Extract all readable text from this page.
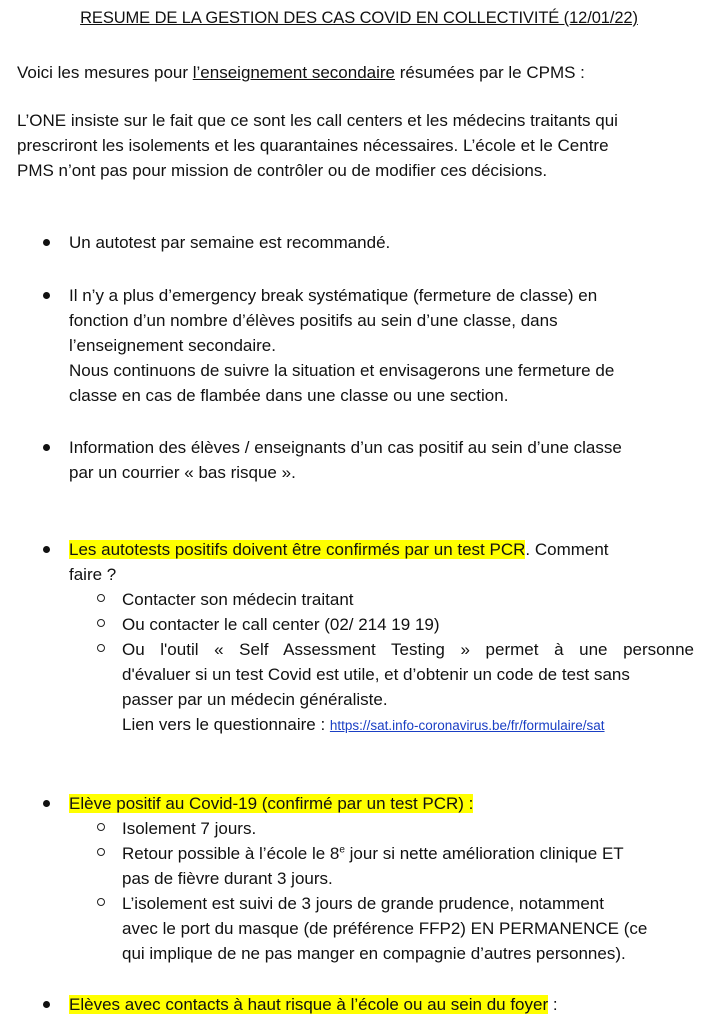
RESUME DE LA GESTION DES CAS COVID EN COLLECTIVITÉ (12/01/22)
Voici les mesures pour l’enseignement secondaire résumées par le CPMS :
L’ONE insiste sur le fait que ce sont les call centers et les médecins traitants qui
prescriront les isolements et les quarantaines nécessaires. L’école et le Centre
PMS n’ont pas pour mission de contrôler ou de modifier ces décisions.
Un autotest par semaine est recommandé.
Il n’y a plus d’emergency break systématique (fermeture de classe) en
fonction d’un nombre d’élèves positifs au sein d’une classe, dans
l’enseignement secondaire.
Nous continuons de suivre la situation et envisagerons une fermeture de
classe en cas de flambée dans une classe ou une section.
Information des élèves / enseignants d’un cas positif au sein d’une classe
par un courrier « bas risque ».
Les autotests positifs doivent être confirmés par un test PCR. Comment
faire ?
Contacter son médecin traitant
Ou contacter le call center (02/ 214 19 19)
Ou l'outil « Self Assessment Testing » permet à une personne
d'évaluer si un test Covid est utile, et d’obtenir un code de test sans
passer par un médecin généraliste.
Lien vers le questionnaire : https://sat.info-coronavirus.be/fr/formulaire/sat
Elève positif au Covid-19 (confirmé par un test PCR) :
Isolement 7 jours.
Retour possible à l’école le 8e jour si nette amélioration clinique ET
pas de fièvre durant 3 jours.
L’isolement est suivi de 3 jours de grande prudence, notamment
avec le port du masque (de préférence FFP2) EN PERMANENCE (ce
qui implique de ne pas manger en compagnie d’autres personnes).
Elèves avec contacts à haut risque à l’école ou au sein du foyer :
